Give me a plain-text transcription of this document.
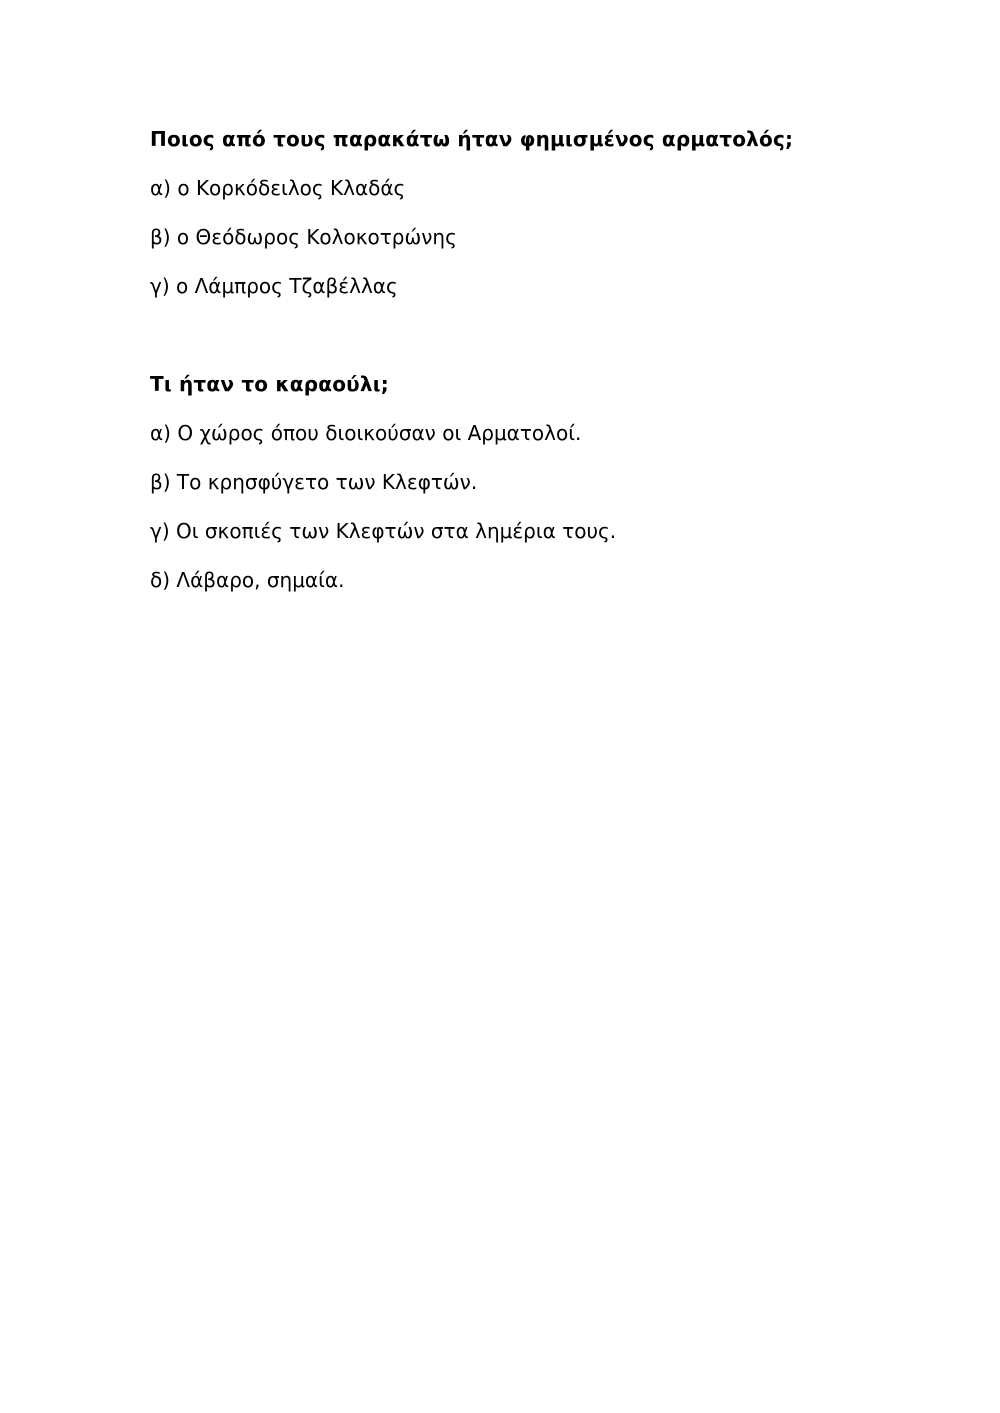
Ποιος από τους παρακάτω ήταν φημισμένος αρματολός;
α) ο Κορκόδειλος Κλαδάς
β) ο Θεόδωρος Κολοκοτρώνης
γ) ο Λάμπρος Τζαβέλλας
Τι ήταν το καραούλι;
α) Ο χώρος όπου διοικούσαν οι Αρματολοί.
β) Το κρησφύγετο των Κλεφτών.
γ) Οι σκοπιές των Κλεφτών στα λημέρια τους.
δ) Λάβαρο, σημαία.
